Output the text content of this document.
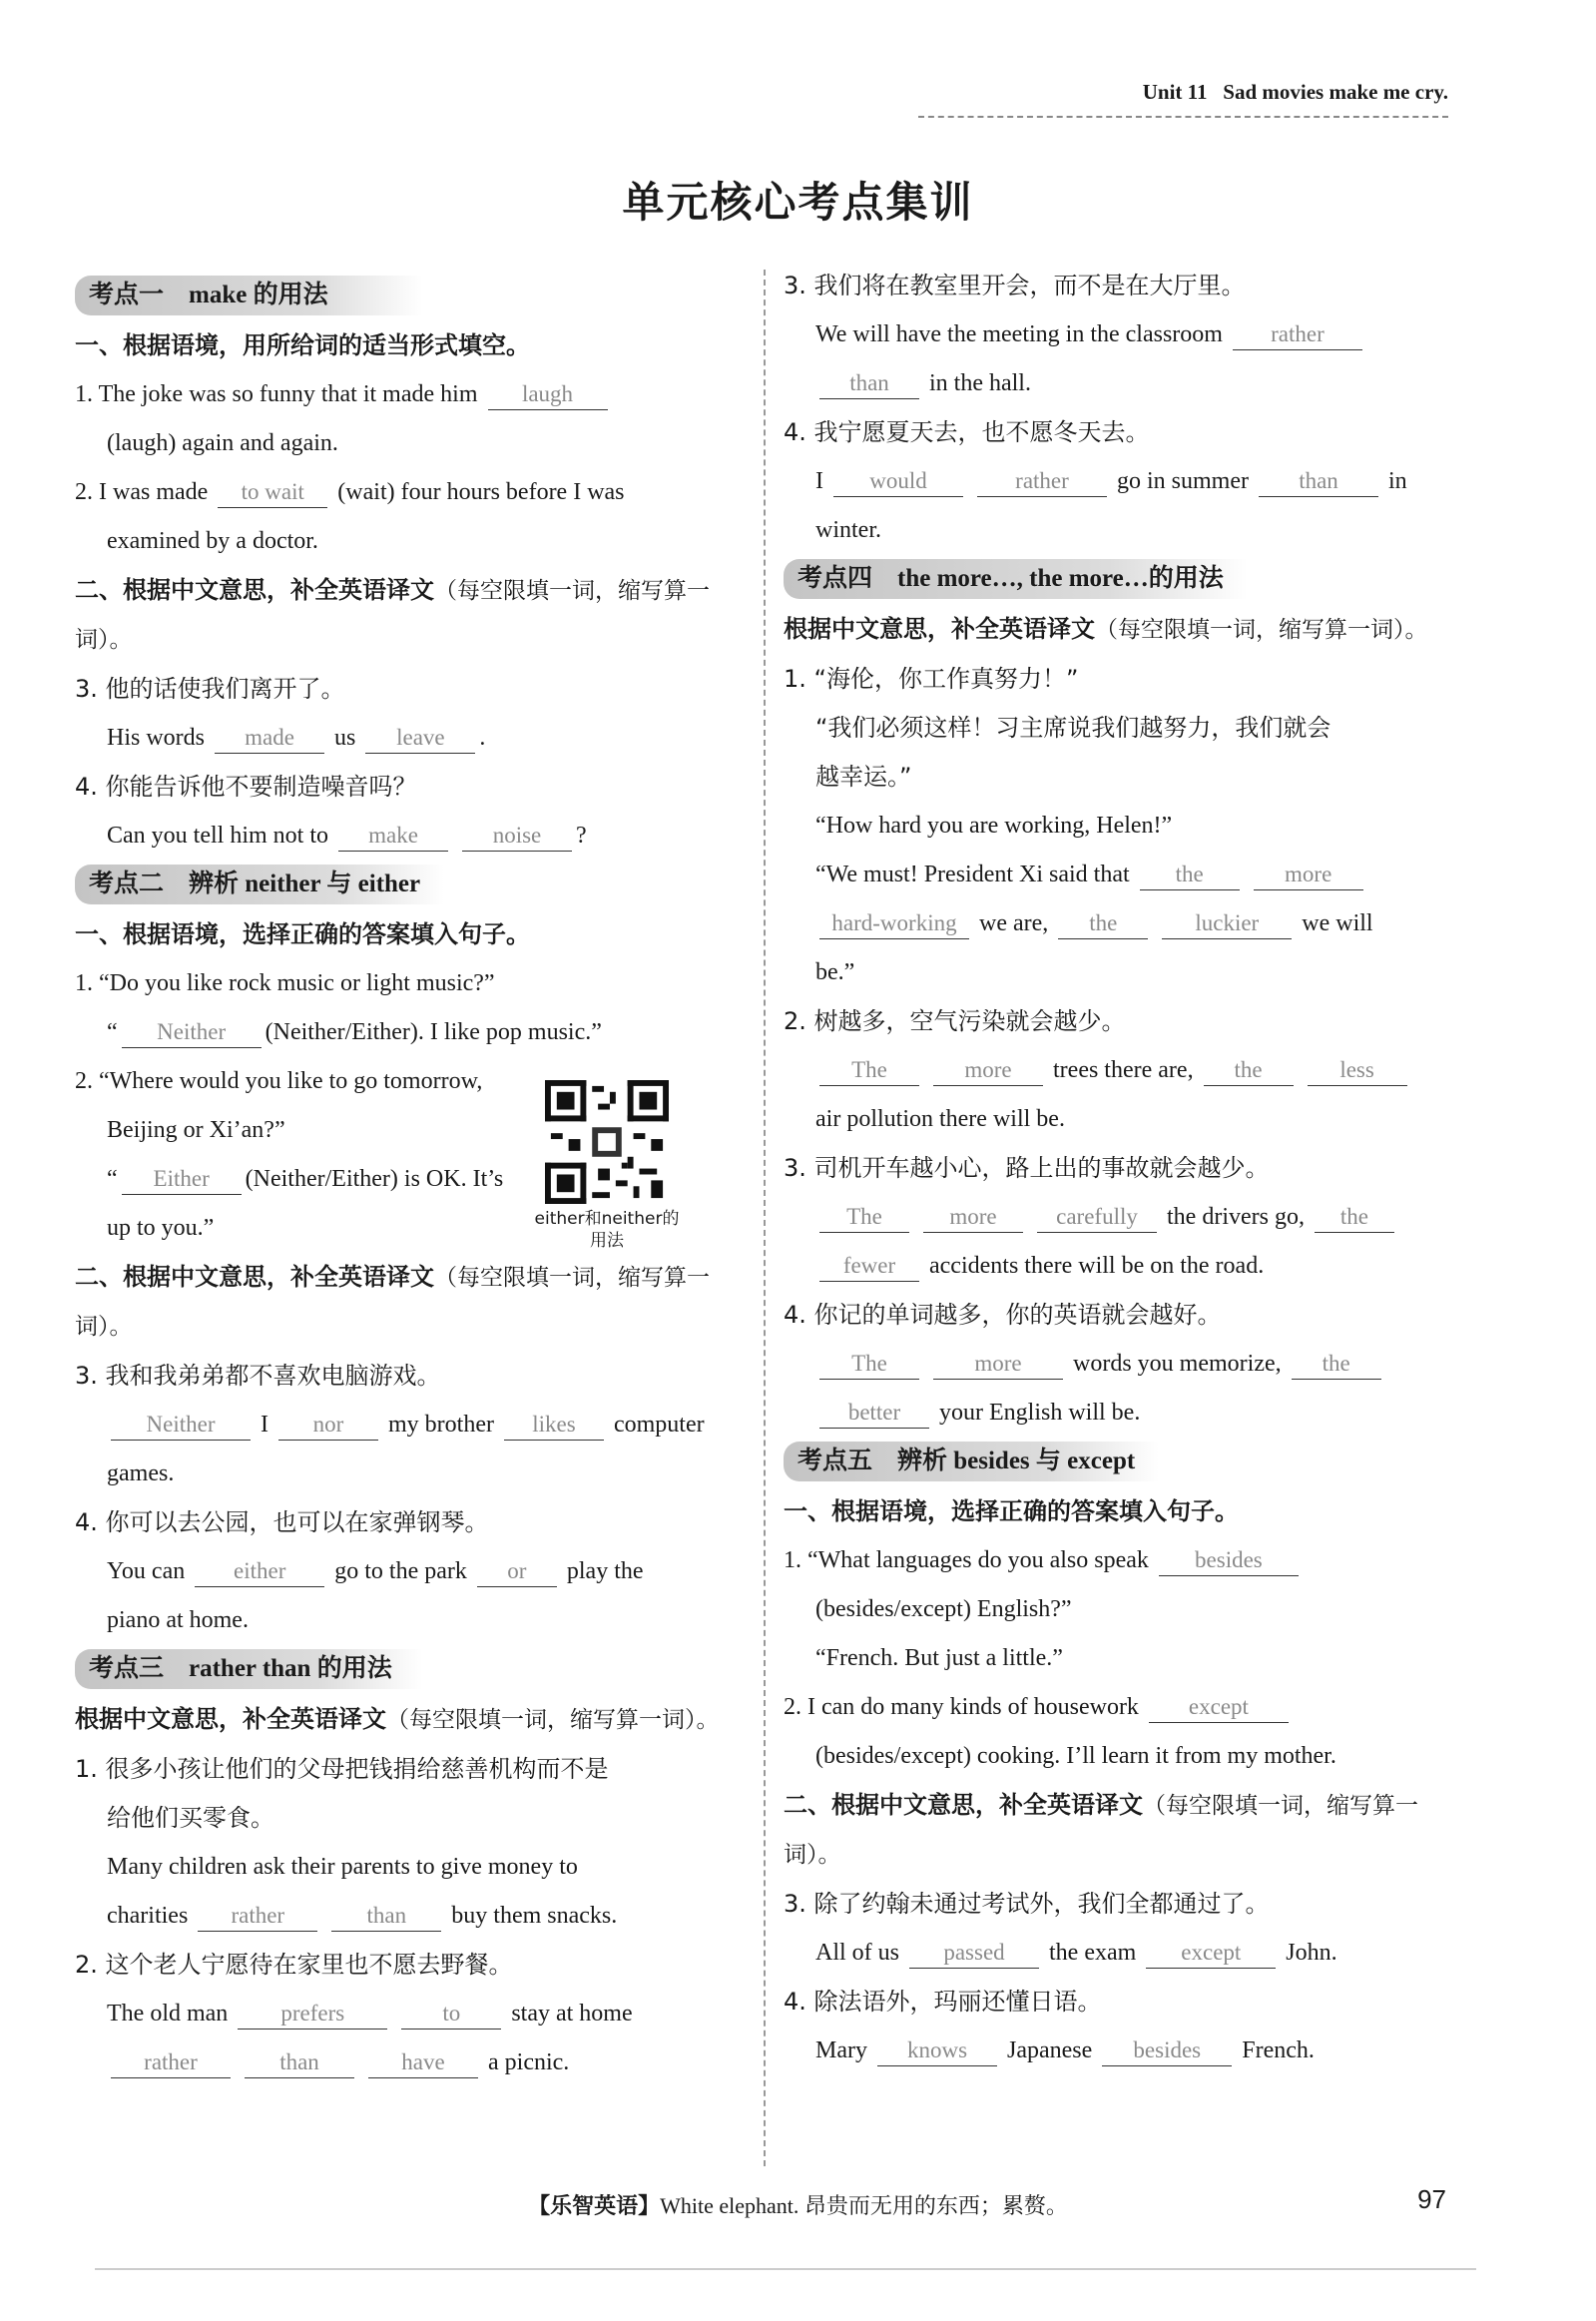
Unit 11 Sad movies make me cry.
单元核心考点集训
考点一　make 的用法
一、根据语境，用所给词的适当形式填空。
1. The joke was so funny that it made him laugh
(laugh) again and again.
2. I was made to wait (wait) four hours before I was
examined by a doctor.
二、根据中文意思，补全英语译文（每空限填一词，缩写算一词）。
3. 他的话使我们离开了。
His words made us leave .
4. 你能告诉他不要制造噪音吗？
Can you tell him not to make	noise ?
考点二　辨析 neither 与 either
一、根据语境，选择正确的答案填入句子。
1. “Do you like rock music or light music?”
“ Neither (Neither/Either). I like pop music.”
2. “Where would you like to go tomorrow,
Beijing or Xi’an?”
“ Either (Neither/Either) is OK. It’s
up to you.”
二、根据中文意思，补全英语译文（每空限填一词，缩写算一词）。
3. 我和我弟弟都不喜欢电脑游戏。
Neither I nor my brother likes computer
games.
4. 你可以去公园，也可以在家弹钢琴。
You can either go to the park or play the
piano at home.
考点三　rather than 的用法
根据中文意思，补全英语译文（每空限填一词，缩写算一词）。
1. 很多小孩让他们的父母把钱捐给慈善机构而不是
给他们买零食。
Many children ask their parents to give money to
charities rather	than buy them snacks.
2. 这个老人宁愿待在家里也不愿去野餐。
The old man prefers	to stay at home
rather	than	have a picnic.
either和neither的用法
3. 我们将在教室里开会，而不是在大厅里。
We will have the meeting in the classroom rather
than in the hall.
4. 我宁愿夏天去，也不愿冬天去。
I would	rather go in summer than in
winter.
考点四　the more…, the more…的用法
根据中文意思，补全英语译文（每空限填一词，缩写算一词）。
1. “海伦，你工作真努力！”
“我们必须这样！习主席说我们越努力，我们就会
越幸运。”
“How hard you are working, Helen!”
“We must! President Xi said that the	more
hard-working we are, the	luckier we will
be.”
2. 树越多，空气污染就会越少。
The	more trees there are, the	less
air pollution there will be.
3. 司机开车越小心，路上出的事故就会越少。
The	more	carefully the drivers go, the
fewer accidents there will be on the road.
4. 你记的单词越多，你的英语就会越好。
The	more words you memorize, the
better your English will be.
考点五　辨析 besides 与 except
一、根据语境，选择正确的答案填入句子。
1. “What languages do you also speak besides
(besides/except) English?”
“French. But just a little.”
2. I can do many kinds of housework except
(besides/except) cooking. I’ll learn it from my mother.
二、根据中文意思，补全英语译文（每空限填一词，缩写算一词）。
3. 除了约翰未通过考试外，我们全都通过了。
All of us passed the exam except John.
4. 除法语外，玛丽还懂日语。
Mary knows Japanese besides French.
【乐智英语】White elephant. 昂贵而无用的东西；累赘。	97
